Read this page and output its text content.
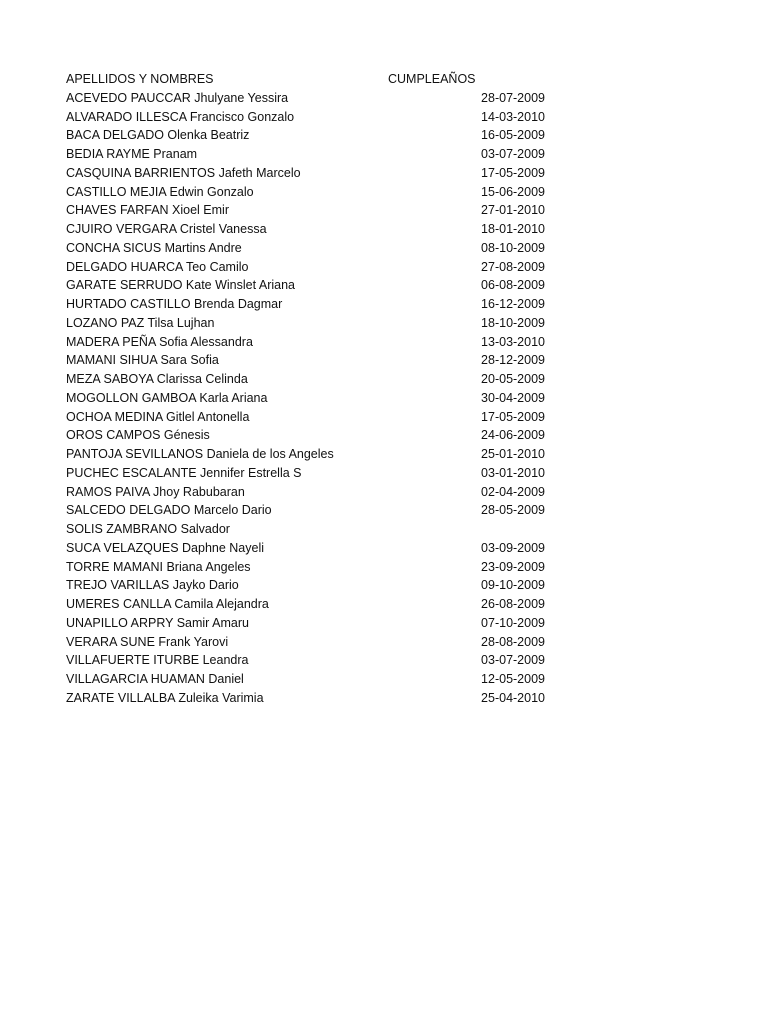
APELLIDOS Y NOMBRES	CUMPLEAÑOS
ACEVEDO PAUCCAR Jhulyane Yessira	28-07-2009
ALVARADO ILLESCA Francisco Gonzalo	14-03-2010
BACA DELGADO Olenka Beatriz	16-05-2009
BEDIA RAYME Pranam	03-07-2009
CASQUINA BARRIENTOS Jafeth Marcelo	17-05-2009
CASTILLO MEJIA Edwin Gonzalo	15-06-2009
CHAVES FARFAN Xioel Emir	27-01-2010
CJUIRO VERGARA Cristel Vanessa	18-01-2010
CONCHA SICUS Martins Andre	08-10-2009
DELGADO HUARCA Teo Camilo	27-08-2009
GARATE SERRUDO Kate Winslet Ariana	06-08-2009
HURTADO CASTILLO Brenda Dagmar	16-12-2009
LOZANO PAZ Tilsa Lujhan	18-10-2009
MADERA PEÑA Sofia Alessandra	13-03-2010
MAMANI SIHUA Sara Sofia	28-12-2009
MEZA SABOYA Clarissa Celinda	20-05-2009
MOGOLLON GAMBOA Karla Ariana	30-04-2009
OCHOA MEDINA Gitlel Antonella	17-05-2009
OROS CAMPOS Génesis	24-06-2009
PANTOJA SEVILLANOS Daniela de los Angeles	25-01-2010
PUCHEC ESCALANTE Jennifer Estrella S	03-01-2010
RAMOS PAIVA Jhoy Rabubaran	02-04-2009
SALCEDO DELGADO Marcelo Dario	28-05-2009
SOLIS ZAMBRANO Salvador
SUCA VELAZQUES Daphne Nayeli	03-09-2009
TORRE MAMANI Briana Angeles	23-09-2009
TREJO VARILLAS Jayko Dario	09-10-2009
UMERES CANLLA Camila Alejandra	26-08-2009
UNAPILLO ARPRY Samir Amaru	07-10-2009
VERARA SUNE Frank Yarovi	28-08-2009
VILLAFUERTE ITURBE Leandra	03-07-2009
VILLAGARCIA HUAMAN Daniel	12-05-2009
ZARATE VILLALBA Zuleika Varimia	25-04-2010
